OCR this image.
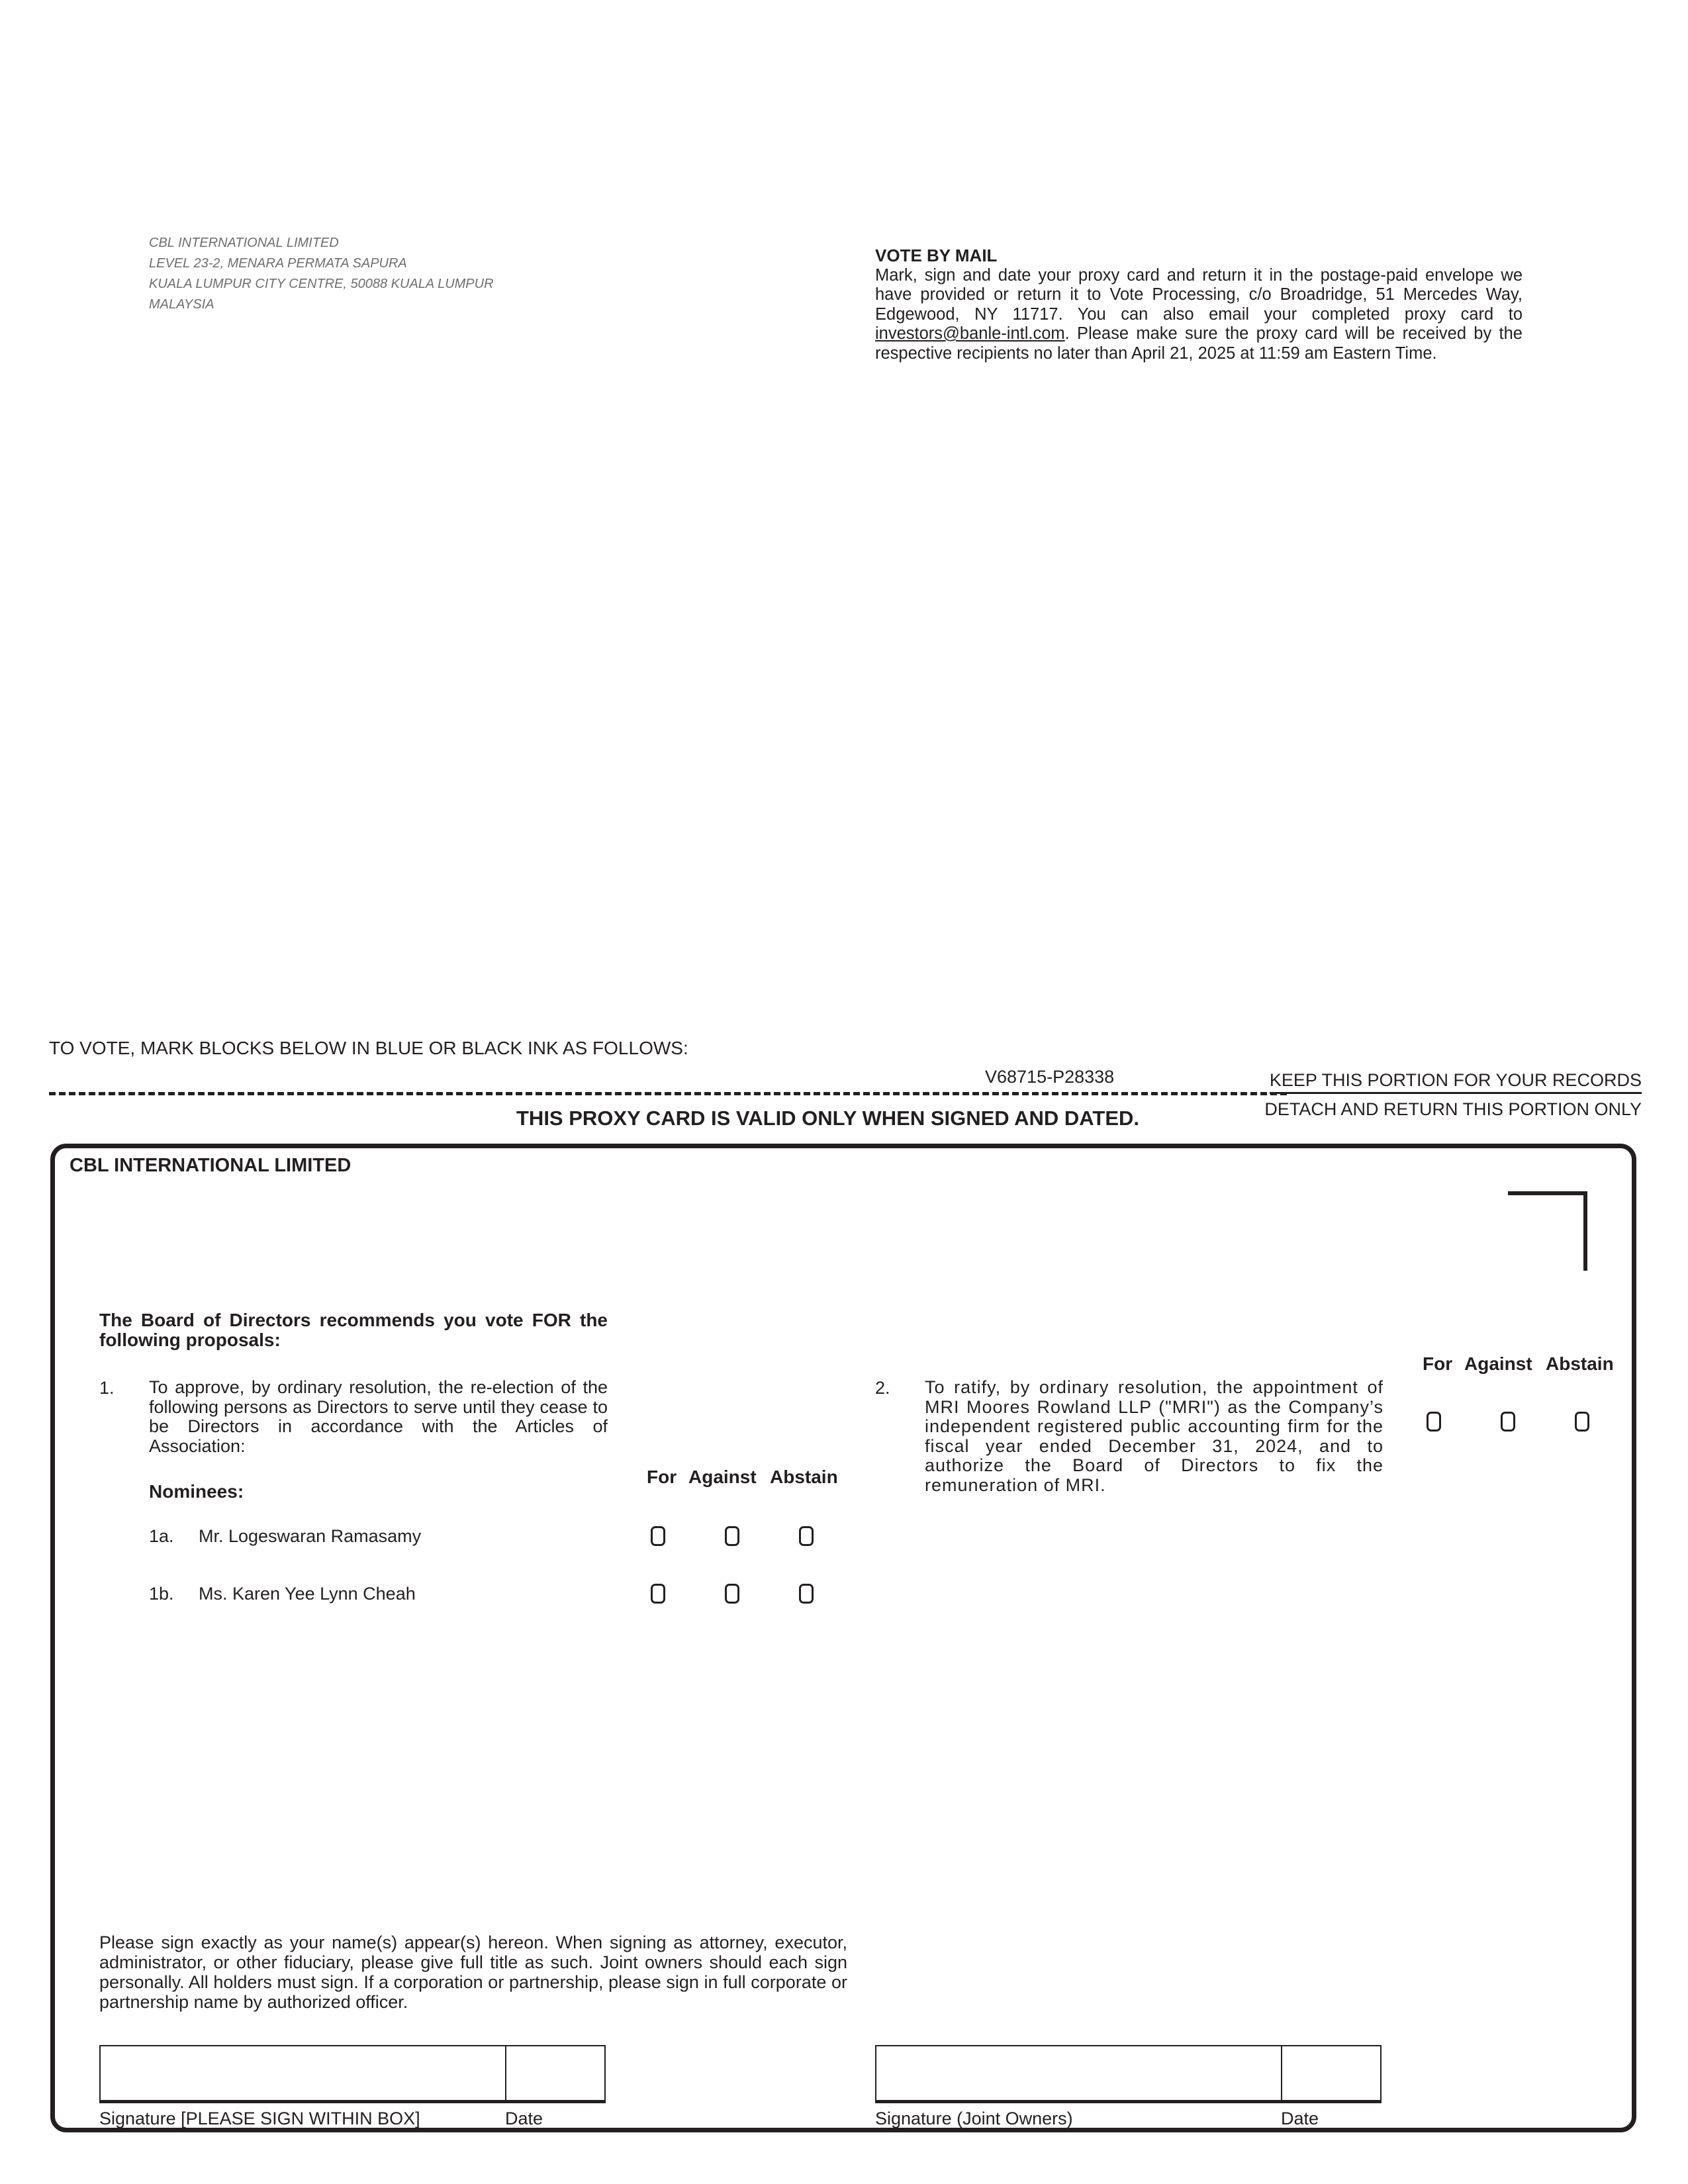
CBL INTERNATIONAL LIMITED
LEVEL 23-2, MENARA PERMATA SAPURA
KUALA LUMPUR CITY CENTRE, 50088 KUALA LUMPUR
MALAYSIA
VOTE BY MAIL
Mark, sign and date your proxy card and return it in the postage-paid envelope we have provided or return it to Vote Processing, c/o Broadridge, 51 Mercedes Way, Edgewood, NY 11717. You can also email your completed proxy card to investors@banle-intl.com. Please make sure the proxy card will be received by the respective recipients no later than April 21, 2025 at 11:59 am Eastern Time.
TO VOTE, MARK BLOCKS BELOW IN BLUE OR BLACK INK AS FOLLOWS:
V68715-P28338	KEEP THIS PORTION FOR YOUR RECORDS
DETACH AND RETURN THIS PORTION ONLY
THIS PROXY CARD IS VALID ONLY WHEN SIGNED AND DATED.
CBL INTERNATIONAL LIMITED
The Board of Directors recommends you vote FOR the following proposals:
1. To approve, by ordinary resolution, the re-election of the following persons as Directors to serve until they cease to be Directors in accordance with the Articles of Association:
Nominees:
For Against Abstain
1a. Mr. Logeswaran Ramasamy
1b. Ms. Karen Yee Lynn Cheah
2. To ratify, by ordinary resolution, the appointment of MRI Moores Rowland LLP ("MRI") as the Company’s independent registered public accounting firm for the fiscal year ended December 31, 2024, and to authorize the Board of Directors to fix the remuneration of MRI.
For Against Abstain
Please sign exactly as your name(s) appear(s) hereon. When signing as attorney, executor, administrator, or other fiduciary, please give full title as such. Joint owners should each sign personally. All holders must sign. If a corporation or partnership, please sign in full corporate or partnership name by authorized officer.
Signature [PLEASE SIGN WITHIN BOX]	Date	Signature (Joint Owners)	Date
